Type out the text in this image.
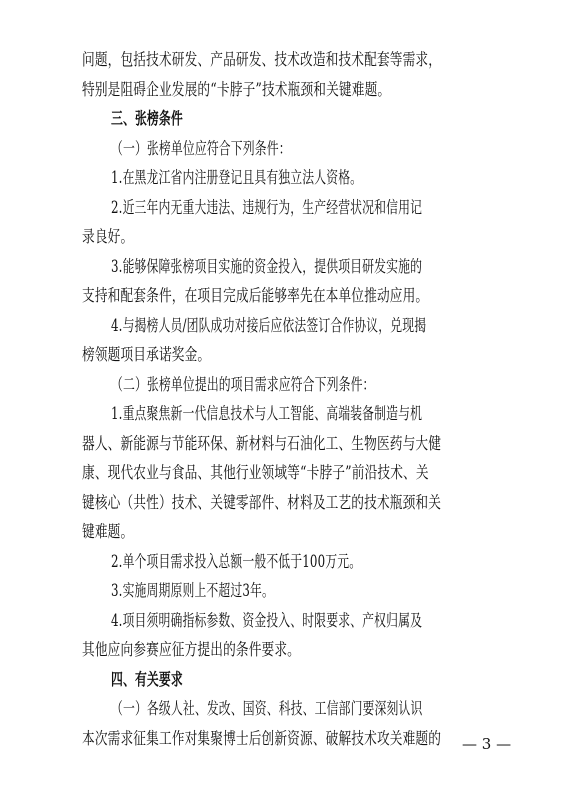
问题，包括技术研发、产品研发、技术改造和技术配套等需求，
特别是阻碍企业发展的“卡脖子”技术瓶颈和关键难题。
三、张榜条件
（一）张榜单位应符合下列条件：
1.在黑龙江省内注册登记且具有独立法人资格。
2.近三年内无重大违法、违规行为，生产经营状况和信用记
录良好。
3.能够保障张榜项目实施的资金投入，提供项目研发实施的
支持和配套条件，在项目完成后能够率先在本单位推动应用。
4.与揭榜人员/团队成功对接后应依法签订合作协议，兑现揭
榜领题项目承诺奖金。
（二）张榜单位提出的项目需求应符合下列条件：
1.重点聚焦新一代信息技术与人工智能、高端装备制造与机
器人、新能源与节能环保、新材料与石油化工、生物医药与大健
康、现代农业与食品、其他行业领域等“卡脖子”前沿技术、关
键核心（共性）技术、关键零部件、材料及工艺的技术瓶颈和关
键难题。
2.单个项目需求投入总额一般不低于100万元。
3.实施周期原则上不超过3年。
4.项目须明确指标参数、资金投入、时限要求、产权归属及
其他应向参赛应征方提出的条件要求。
四、有关要求
（一）各级人社、发改、国资、科技、工信部门要深刻认识
本次需求征集工作对集聚博士后创新资源、破解技术攻关难题的	— 3 —
